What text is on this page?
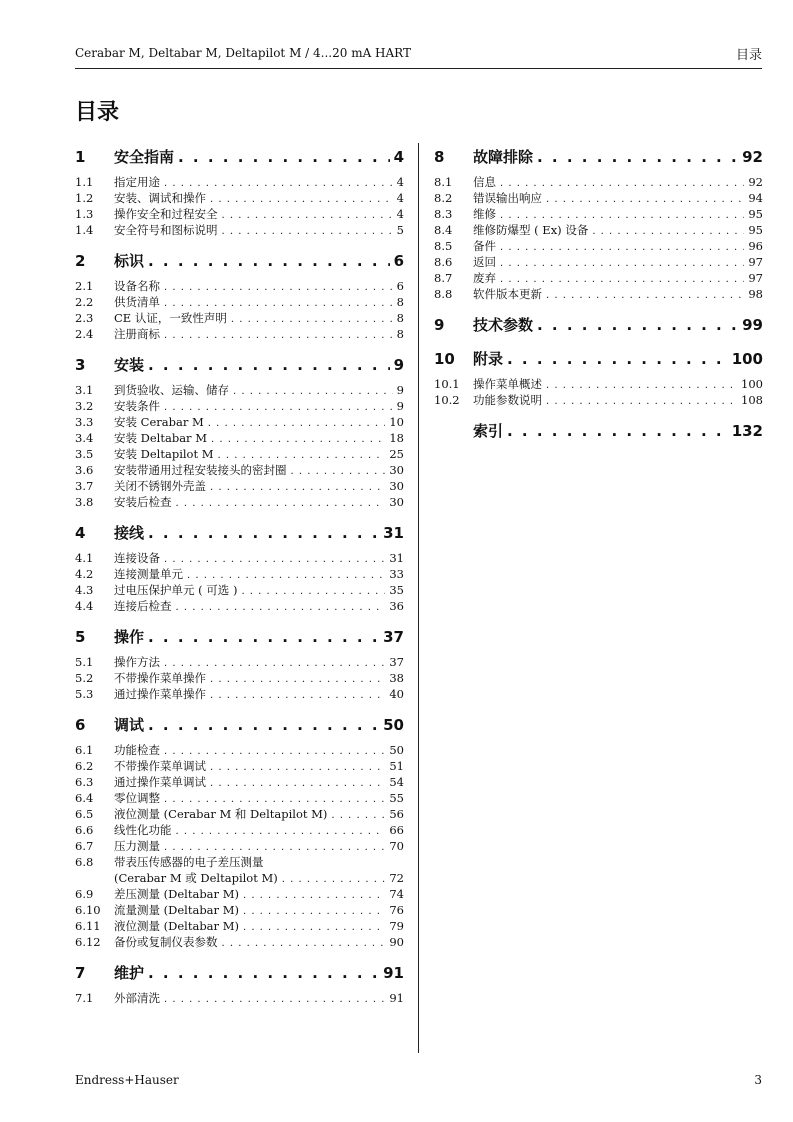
Cerabar M, Deltabar M, Deltapilot M / 4...20 mA HART	目录
目录
1	安全指南 . . .	4
1.1	指定用途 . . .	4
1.2	安装、调试和操作 . . .	4
1.3	操作安全和过程安全 . . .	4
1.4	安全符号和图标说明 . . .	5
2	标识 . . .	6
2.1	设备名称 . . .	6
2.2	供货清单 . . .	8
2.3	CE 认证，一致性声明 . . .	8
2.4	注册商标 . . .	8
3	安装 . . .	9
3.1	到货验收、运输、储存 . . .	9
3.2	安装条件 . . .	9
3.3	安装 Cerabar M . . .	10
3.4	安装 Deltabar M . . .	18
3.5	安装 Deltapilot M . . .	25
3.6	安装带通用过程安装接头的密封圈 . . .	30
3.7	关闭不锈钢外壳盖 . . .	30
3.8	安装后检查 . . .	30
4	接线 . . .	31
4.1	连接设备 . . .	31
4.2	连接测量单元 . . .	33
4.3	过电压保护单元 ( 可选 ) . . .	35
4.4	连接后检查 . . .	36
5	操作 . . .	37
5.1	操作方法 . . .	37
5.2	不带操作菜单操作 . . .	38
5.3	通过操作菜单操作 . . .	40
6	调试 . . .	50
6.1	功能检查 . . .	50
6.2	不带操作菜单调试 . . .	51
6.3	通过操作菜单调试 . . .	54
6.4	零位调整 . . .	55
6.5	液位测量 (Cerabar M 和 Deltapilot M) . . .	56
6.6	线性化功能 . . .	66
6.7	压力测量 . . .	70
6.8	带表压传感器的电子差压测量
(Cerabar M 或 Deltapilot M) . . .	72
6.9	差压测量 (Deltabar M) . . .	74
6.10	流量测量 (Deltabar M) . . .	76
6.11	液位测量 (Deltabar M) . . .	79
6.12	备份或复制仪表参数 . . .	90
7	维护 . . .	91
7.1	外部清洗 . . .	91
8	故障排除 . . .	92
8.1	信息 . . .	92
8.2	错误输出响应 . . .	94
8.3	维修 . . .	95
8.4	维修防爆型 ( Ex) 设备 . . .	95
8.5	备件 . . .	96
8.6	返回 . . .	97
8.7	废弃 . . .	97
8.8	软件版本更新 . . .	98
9	技术参数 . . .	99
10	附录 . . .	100
10.1	操作菜单概述 . . .	100
10.2	功能参数说明 . . .	108
索引 . . .	132
Endress+Hauser	3
